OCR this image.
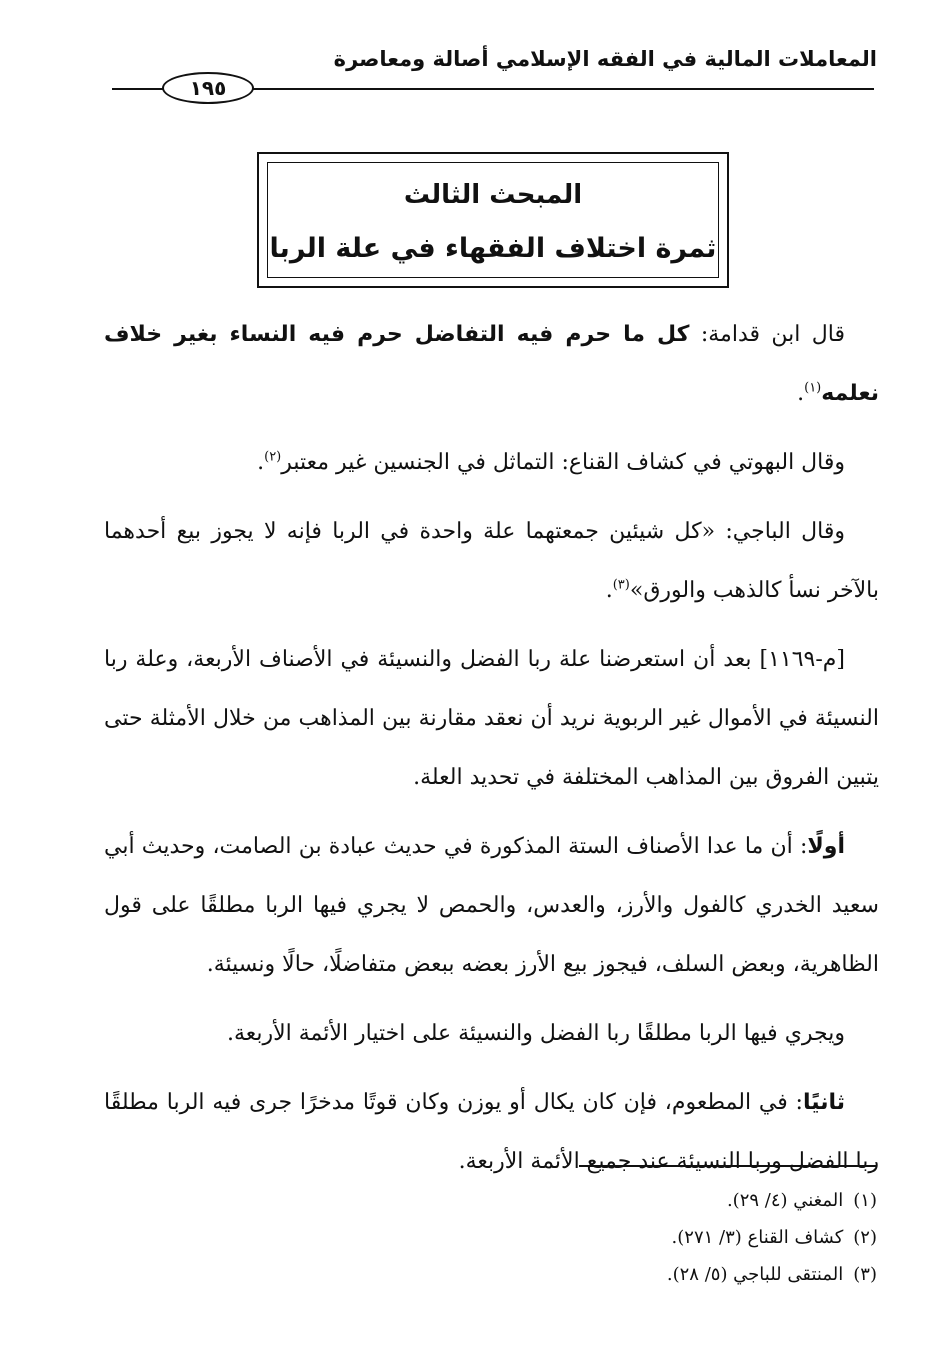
المعاملات المالية في الفقه الإسلامي أصالة ومعاصرة
١٩٥
المبحث الثالث
ثمرة اختلاف الفقهاء في علة الربا

قال ابن قدامة: كل ما حرم فيه التفاضل حرم فيه النساء بغير خلاف نعلمه$^{(١)}$.

وقال البهوتي في كشاف القناع: التماثل في الجنسين غير معتبر$^{(٢)}$.

وقال الباجي: «كل شيئين جمعتهما علة واحدة في الربا فإنه لا يجوز بيع أحدهما بالآخر نسأ كالذهب والورق»$^{(٣)}$.

[م-١١٦٩] بعد أن استعرضنا علة ربا الفضل والنسيئة في الأصناف الأربعة، وعلة ربا النسيئة في الأموال غير الربوية نريد أن نعقد مقارنة بين المذاهب من خلال الأمثلة حتى يتبين الفروق بين المذاهب المختلفة في تحديد العلة.

أولًا: أن ما عدا الأصناف الستة المذكورة في حديث عبادة بن الصامت، وحديث أبي سعيد الخدري كالفول والأرز، والعدس، والحمص لا يجري فيها الربا مطلقًا على قول الظاهرية، وبعض السلف، فيجوز بيع الأرز بعضه ببعض متفاضلًا، حالًا ونسيئة.

ويجري فيها الربا مطلقًا ربا الفضل والنسيئة على اختيار الأئمة الأربعة.

ثانيًا: في المطعوم، فإن كان يكال أو يوزن وكان قوتًا مدخرًا جرى فيه الربا مطلقًا ربا الفضل وربا النسيئة عند جميع الأئمة الأربعة.

(١)المغني (٤/ ٢٩).
(٢)كشاف القناع (٣/ ٢٧١).
(٣)المنتقى للباجي (٥/ ٢٨).
